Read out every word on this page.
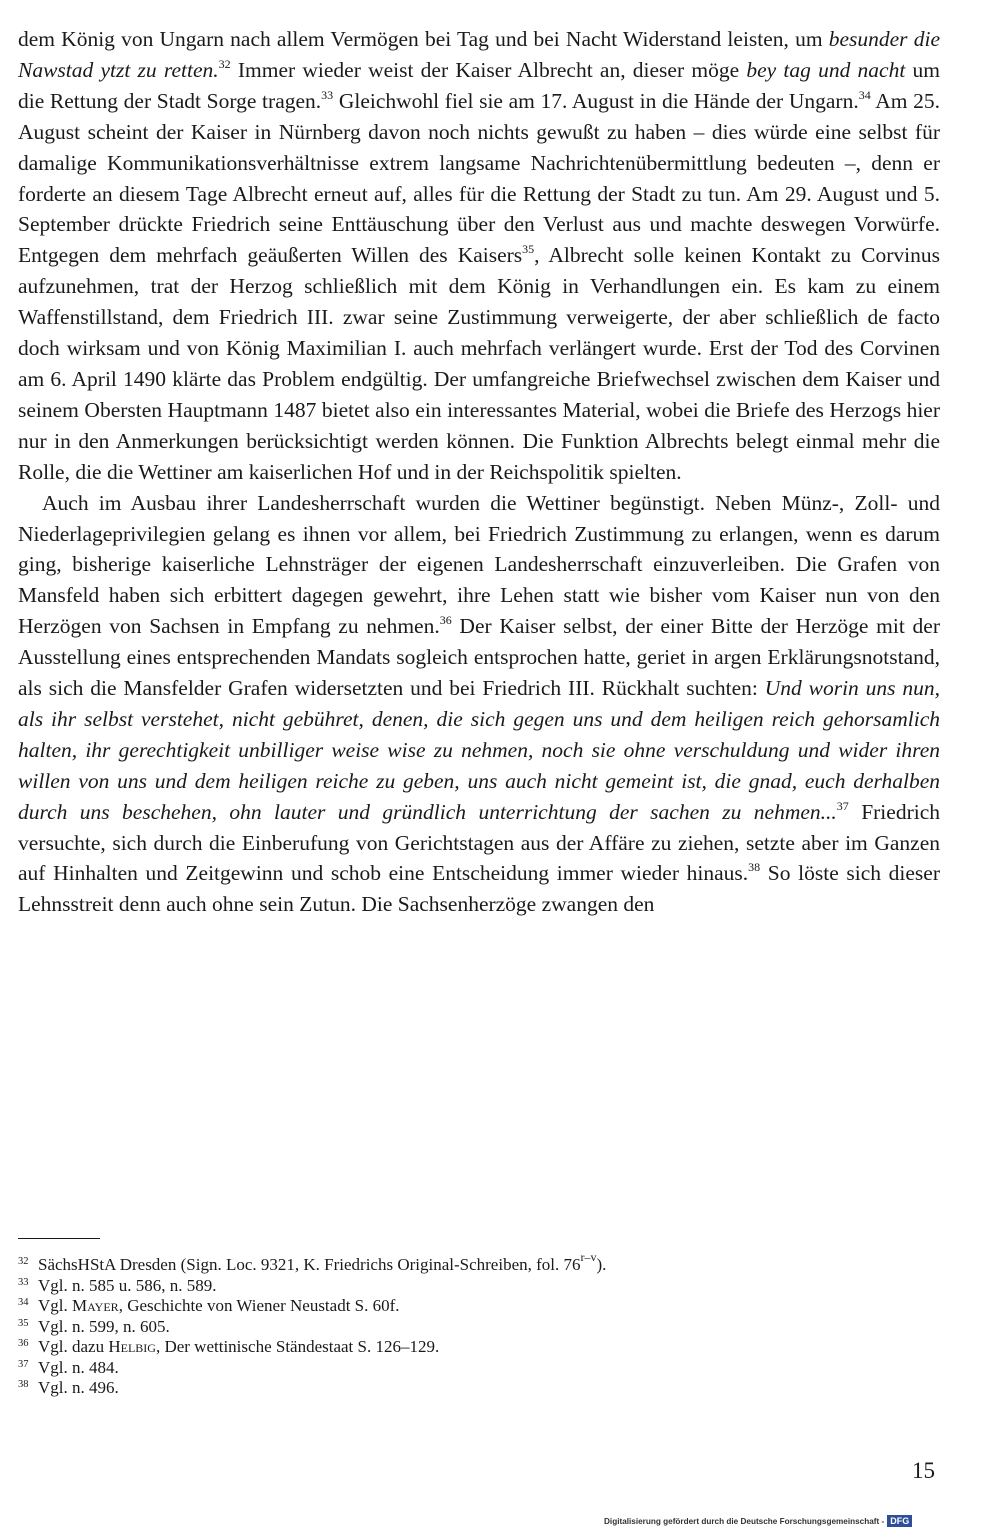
dem König von Ungarn nach allem Vermögen bei Tag und bei Nacht Widerstand leisten, um besunder die Nawstad ytzt zu retten.$^{32}$ Immer wieder weist der Kaiser Albrecht an, dieser möge bey tag und nacht um die Rettung der Stadt Sorge tragen.$^{33}$ Gleichwohl fiel sie am 17. August in die Hände der Ungarn.$^{34}$ Am 25. August scheint der Kaiser in Nürnberg davon noch nichts gewußt zu haben – dies würde eine selbst für damalige Kommunikationsverhältnisse extrem langsame Nachrichtenübermittlung bedeuten –, denn er forderte an diesem Tage Albrecht erneut auf, alles für die Rettung der Stadt zu tun. Am 29. August und 5. September drückte Friedrich seine Enttäuschung über den Verlust aus und machte deswegen Vorwürfe. Entgegen dem mehrfach geäußerten Willen des Kaisers$^{35}$, Albrecht solle keinen Kontakt zu Corvinus aufzunehmen, trat der Herzog schließlich mit dem König in Verhandlungen ein. Es kam zu einem Waffenstillstand, dem Friedrich III. zwar seine Zustimmung verweigerte, der aber schließlich de facto doch wirksam und von König Maximilian I. auch mehrfach verlängert wurde. Erst der Tod des Corvinen am 6. April 1490 klärte das Problem endgültig. Der umfangreiche Briefwechsel zwischen dem Kaiser und seinem Obersten Hauptmann 1487 bietet also ein interessantes Material, wobei die Briefe des Herzogs hier nur in den Anmerkungen berücksichtigt werden können. Die Funktion Albrechts belegt einmal mehr die Rolle, die die Wettiner am kaiserlichen Hof und in der Reichspolitik spielten.

Auch im Ausbau ihrer Landesherrschaft wurden die Wettiner begünstigt. Neben Münz-, Zoll- und Niederlageprivilegien gelang es ihnen vor allem, bei Friedrich Zustimmung zu erlangen, wenn es darum ging, bisherige kaiserliche Lehnsträger der eigenen Landesherrschaft einzuverleiben. Die Grafen von Mansfeld haben sich erbittert dagegen gewehrt, ihre Lehen statt wie bisher vom Kaiser nun von den Herzögen von Sachsen in Empfang zu nehmen.$^{36}$ Der Kaiser selbst, der einer Bitte der Herzöge mit der Ausstellung eines entsprechenden Mandats sogleich entsprochen hatte, geriet in argen Erklärungsnotstand, als sich die Mansfelder Grafen widersetzten und bei Friedrich III. Rückhalt suchten: Und worin uns nun, als ihr selbst verstehet, nicht gebühret, denen, die sich gegen uns und dem heiligen reich gehorsamlich halten, ihr gerechtigkeit unbilliger weise wise zu nehmen, noch sie ohne verschuldung und wider ihren willen von uns und dem heiligen reiche zu geben, uns auch nicht gemeint ist, die gnad, euch derhalben durch uns beschehen, ohn lauter und gründlich unterrichtung der sachen zu nehmen...$^{37}$ Friedrich versuchte, sich durch die Einberufung von Gerichtstagen aus der Affäre zu ziehen, setzte aber im Ganzen auf Hinhalten und Zeitgewinn und schob eine Entscheidung immer wieder hinaus.$^{38}$ So löste sich dieser Lehnsstreit denn auch ohne sein Zutun. Die Sachsenherzöge zwangen den

32 SächsHStA Dresden (Sign. Loc. 9321, K. Friedrichs Original-Schreiben, fol. 76$^{r-v}$).
33 Vgl. n. 585 u. 586, n. 589.
34 Vgl. Mayer, Geschichte von Wiener Neustadt S. 60f.
35 Vgl. n. 599, n. 605.
36 Vgl. dazu Helbig, Der wettinische Ständestaat S. 126–129.
37 Vgl. n. 484.
38 Vgl. n. 496.
15
Digitalisierung gefördert durch die Deutsche Forschungsgemeinschaft - DFG
